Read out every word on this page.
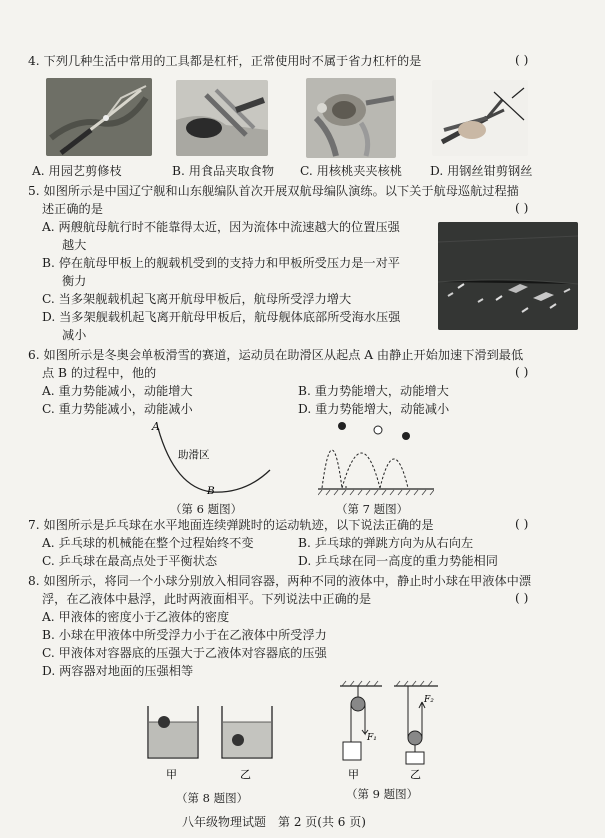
4. 下列几种生活中常用的工具都是杠杆，正常使用时不属于省力杠杆的是	( )
A. 用园艺剪修枝	B. 用食品夹取食物 C. 用核桃夹夹核桃 D. 用钢丝钳剪钢丝
5. 如图所示是中国辽宁舰和山东舰编队首次开展双航母编队演练。以下关于航母巡航过程描
述正确的是	( )
A. 两艘航母航行时不能靠得太近，因为流体中流速越大的位置压强
越大
B. 停在航母甲板上的舰载机受到的支持力和甲板所受压力是一对平
衡力
C. 当多架舰载机起飞离开航母甲板后，航母所受浮力增大
D. 当多架舰载机起飞离开航母甲板后，航母舰体底部所受海水压强
减小
6. 如图所示是冬奥会单板滑雪的赛道，运动员在助滑区从起点 A 由静止开始加速下滑到最低
点 B 的过程中，他的	( )
A. 重力势能减小，动能增大	B. 重力势能增大，动能增大
C. 重力势能减小，动能减小	D. 重力势能增大，动能减小
A
助滑区
B
（第 6 题图）	（第 7 题图）
7. 如图所示是乒乓球在水平地面连续弹跳时的运动轨迹，以下说法正确的是	( )
A. 乒乓球的机械能在整个过程始终不变	B. 乒乓球的弹跳方向为从右向左
C. 乒乓球在最高点处于平衡状态	D. 乒乓球在同一高度的重力势能相同
8. 如图所示，将同一个小球分别放入相同容器，两种不同的液体中，静止时小球在甲液体中漂
浮，在乙液体中悬浮，此时两液面相平。下列说法中正确的是	( )
A. 甲液体的密度小于乙液体的密度
B. 小球在甲液体中所受浮力小于在乙液体中所受浮力
C. 甲液体对容器底的压强大于乙液体对容器底的压强
D. 两容器对地面的压强相等
甲	乙
（第 8 题图）
F₁
F₂
甲	乙
（第 9 题图）
八年级物理试题　第 2 页(共 6 页)
